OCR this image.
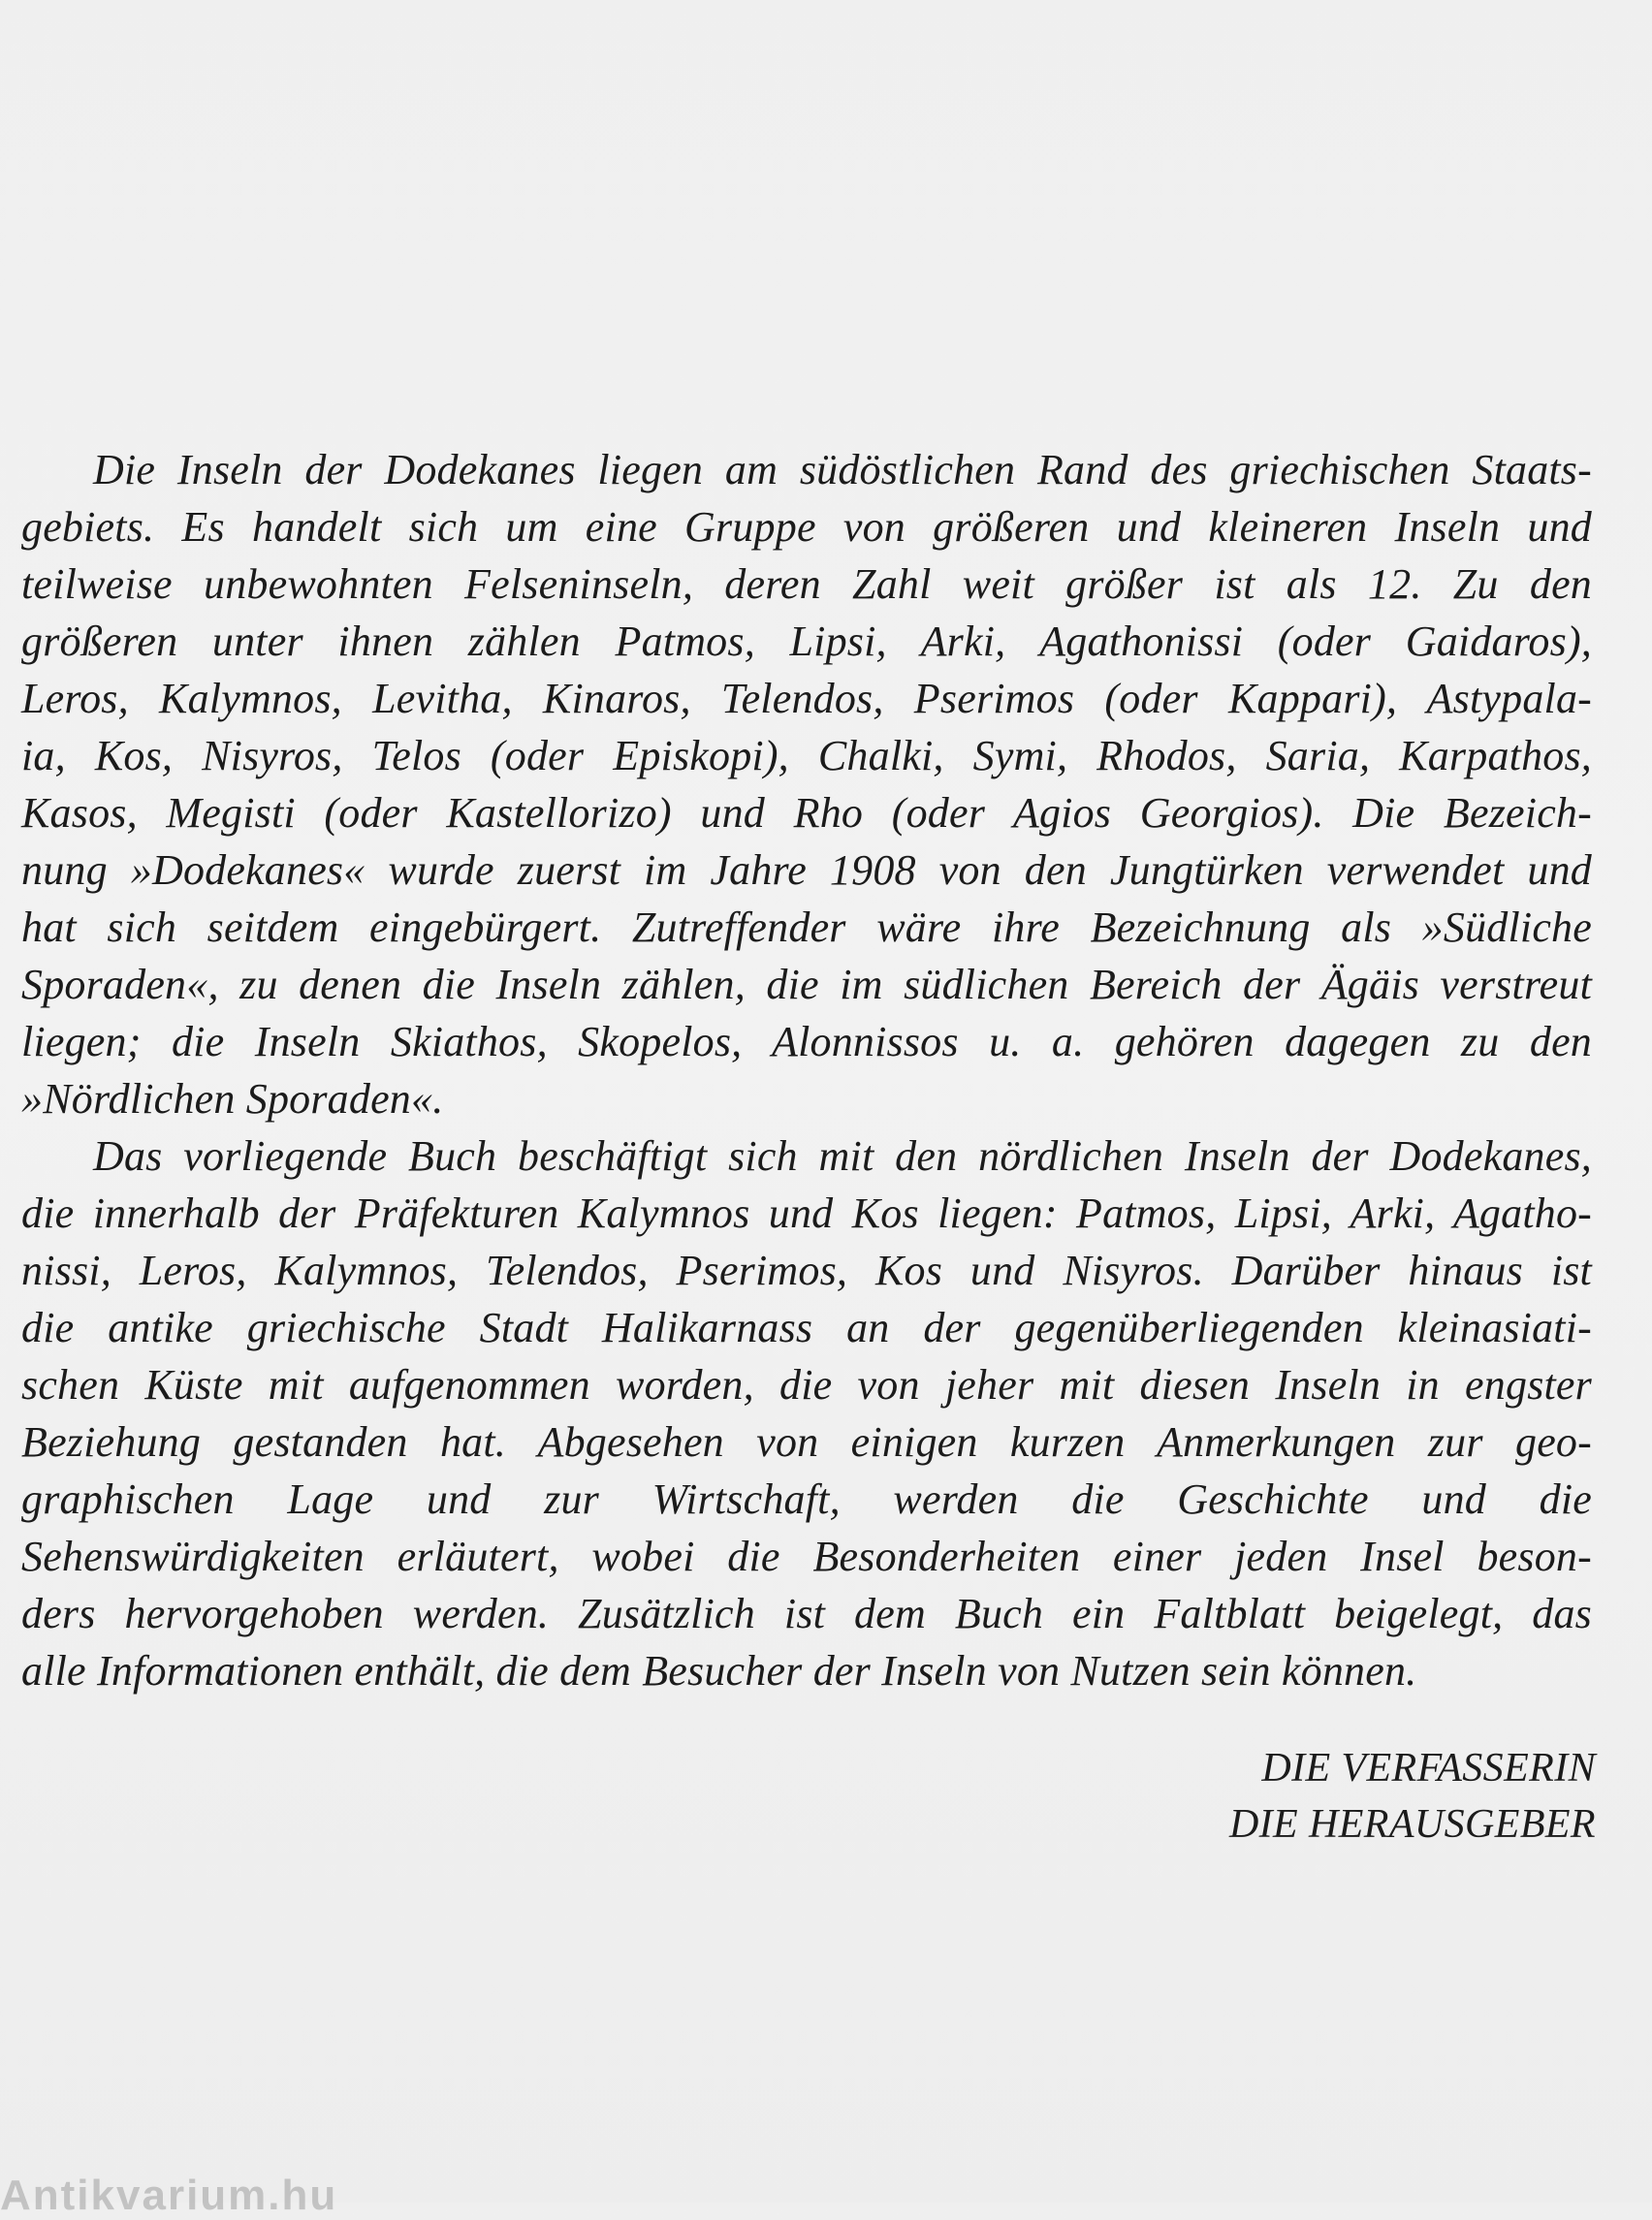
Die Inseln der Dodekanes liegen am südöstlichen Rand des griechischen Staats-
gebiets. Es handelt sich um eine Gruppe von größeren und kleineren Inseln und
teilweise unbewohnten Felseninseln, deren Zahl weit größer ist als 12. Zu den
größeren unter ihnen zählen Patmos, Lipsi, Arki, Agathonissi (oder Gaidaros),
Leros, Kalymnos, Levitha, Kinaros, Telendos, Pserimos (oder Kappari), Astypala-
ia, Kos, Nisyros, Telos (oder Episkopi), Chalki, Symi, Rhodos, Saria, Karpathos,
Kasos, Megisti (oder Kastellorizo) und Rho (oder Agios Georgios). Die Bezeich-
nung »Dodekanes« wurde zuerst im Jahre 1908 von den Jungtürken verwendet und
hat sich seitdem eingebürgert. Zutreffender wäre ihre Bezeichnung als »Südliche
Sporaden«, zu denen die Inseln zählen, die im südlichen Bereich der Ägäis verstreut
liegen; die Inseln Skiathos, Skopelos, Alonnissos u. a. gehören dagegen zu den
»Nördlichen Sporaden«.
Das vorliegende Buch beschäftigt sich mit den nördlichen Inseln der Dodekanes,
die innerhalb der Präfekturen Kalymnos und Kos liegen: Patmos, Lipsi, Arki, Agatho-
nissi, Leros, Kalymnos, Telendos, Pserimos, Kos und Nisyros. Darüber hinaus ist
die antike griechische Stadt Halikarnass an der gegenüberliegenden kleinasiati-
schen Küste mit aufgenommen worden, die von jeher mit diesen Inseln in engster
Beziehung gestanden hat. Abgesehen von einigen kurzen Anmerkungen zur geo-
graphischen Lage und zur Wirtschaft, werden die Geschichte und die
Sehenswürdigkeiten erläutert, wobei die Besonderheiten einer jeden Insel beson-
ders hervorgehoben werden. Zusätzlich ist dem Buch ein Faltblatt beigelegt, das
alle Informationen enthält, die dem Besucher der Inseln von Nutzen sein können.
DIE VERFASSERIN
DIE HERAUSGEBER
Antikvarium.hu
